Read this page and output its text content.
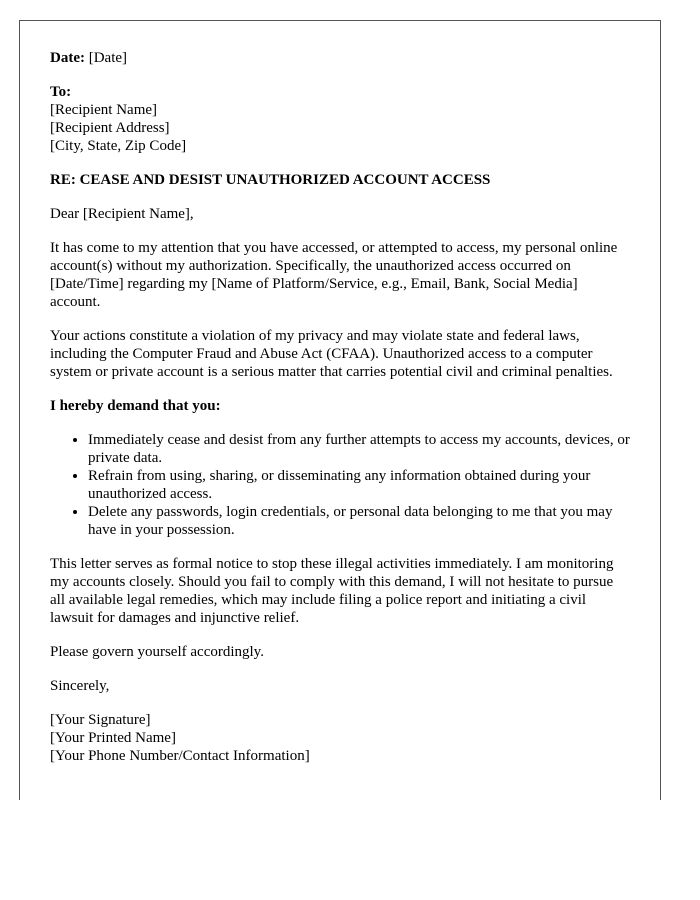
Date: [Date]

To:
[Recipient Name]
[Recipient Address]
[City, State, Zip Code]

RE: CEASE AND DESIST UNAUTHORIZED ACCOUNT ACCESS

Dear [Recipient Name],

It has come to my attention that you have accessed, or attempted to access, my personal online account(s) without my authorization. Specifically, the unauthorized access occurred on [Date/Time] regarding my [Name of Platform/Service, e.g., Email, Bank, Social Media] account.

Your actions constitute a violation of my privacy and may violate state and federal laws, including the Computer Fraud and Abuse Act (CFAA). Unauthorized access to a computer system or private account is a serious matter that carries potential civil and criminal penalties.

I hereby demand that you:

• Immediately cease and desist from any further attempts to access my accounts, devices, or private data.
• Refrain from using, sharing, or disseminating any information obtained during your unauthorized access.
• Delete any passwords, login credentials, or personal data belonging to me that you may have in your possession.

This letter serves as formal notice to stop these illegal activities immediately. I am monitoring my accounts closely. Should you fail to comply with this demand, I will not hesitate to pursue all available legal remedies, which may include filing a police report and initiating a civil lawsuit for damages and injunctive relief.

Please govern yourself accordingly.

Sincerely,

[Your Signature]
[Your Printed Name]
[Your Phone Number/Contact Information]
